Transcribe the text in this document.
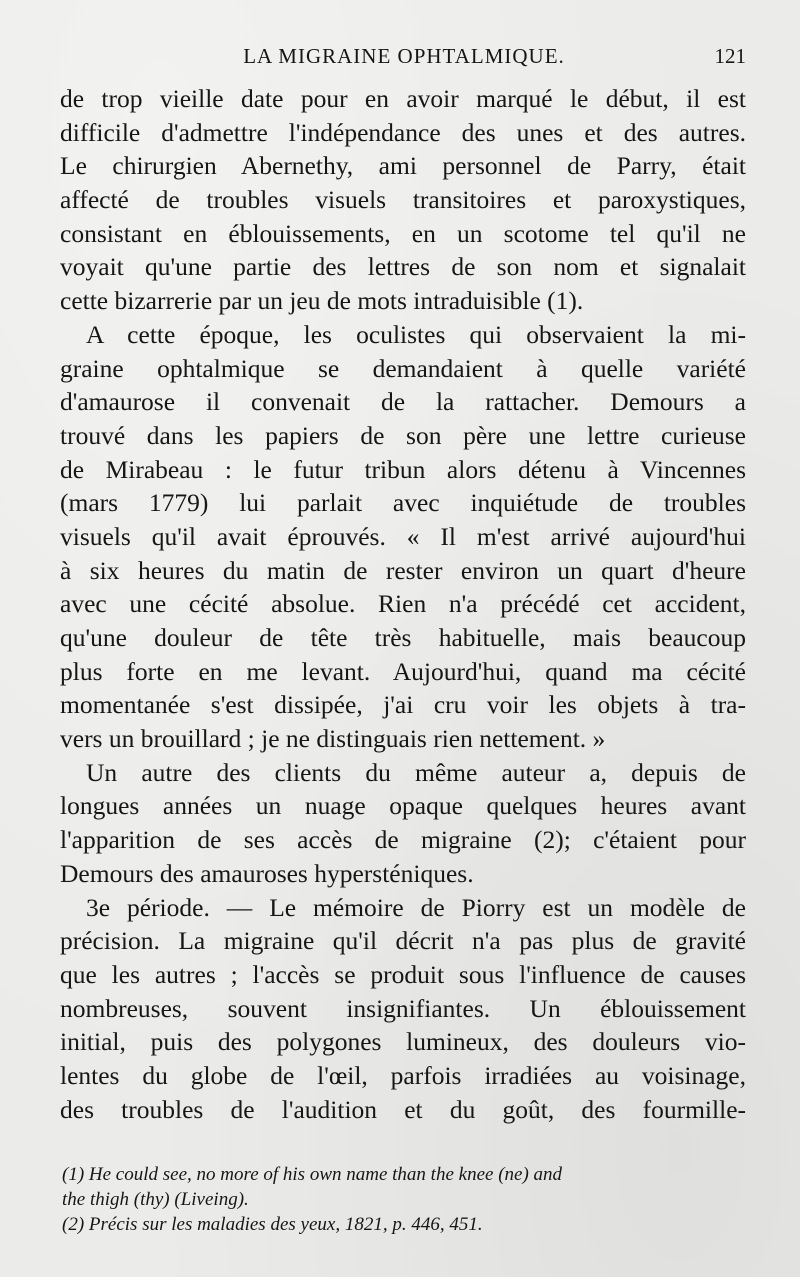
LA MIGRAINE OPHTALMIQUE.	121
de trop vieille date pour en avoir marqué le début, il est
difficile d'admettre l'indépendance des unes et des autres.
Le chirurgien Abernethy, ami personnel de Parry, était
affecté de troubles visuels transitoires et paroxystiques,
consistant en éblouissements, en un scotome tel qu'il ne
voyait qu'une partie des lettres de son nom et signalait
cette bizarrerie par un jeu de mots intraduisible (1).
A cette époque, les oculistes qui observaient la mi-
graine ophtalmique se demandaient à quelle variété
d'amaurose il convenait de la rattacher. Demours a
trouvé dans les papiers de son père une lettre curieuse
de Mirabeau : le futur tribun alors détenu à Vincennes
(mars 1779) lui parlait avec inquiétude de troubles
visuels qu'il avait éprouvés. « Il m'est arrivé aujourd'hui
à six heures du matin de rester environ un quart d'heure
avec une cécité absolue. Rien n'a précédé cet accident,
qu'une douleur de tête très habituelle, mais beaucoup
plus forte en me levant. Aujourd'hui, quand ma cécité
momentanée s'est dissipée, j'ai cru voir les objets à tra-
vers un brouillard ; je ne distinguais rien nettement. »
Un autre des clients du même auteur a, depuis de
longues années un nuage opaque quelques heures avant
l'apparition de ses accès de migraine (2); c'étaient pour
Demours des amauroses hypersténiques.
3e période. — Le mémoire de Piorry est un modèle de
précision. La migraine qu'il décrit n'a pas plus de gravité
que les autres ; l'accès se produit sous l'influence de causes
nombreuses, souvent insignifiantes. Un éblouissement
initial, puis des polygones lumineux, des douleurs vio-
lentes du globe de l'œil, parfois irradiées au voisinage,
des troubles de l'audition et du goût, des fourmille-
(1) He could see, no more of his own name than the knee (ne) and
the thigh (thy) (Liveing).
(2) Précis sur les maladies des yeux, 1821, p. 446, 451.
